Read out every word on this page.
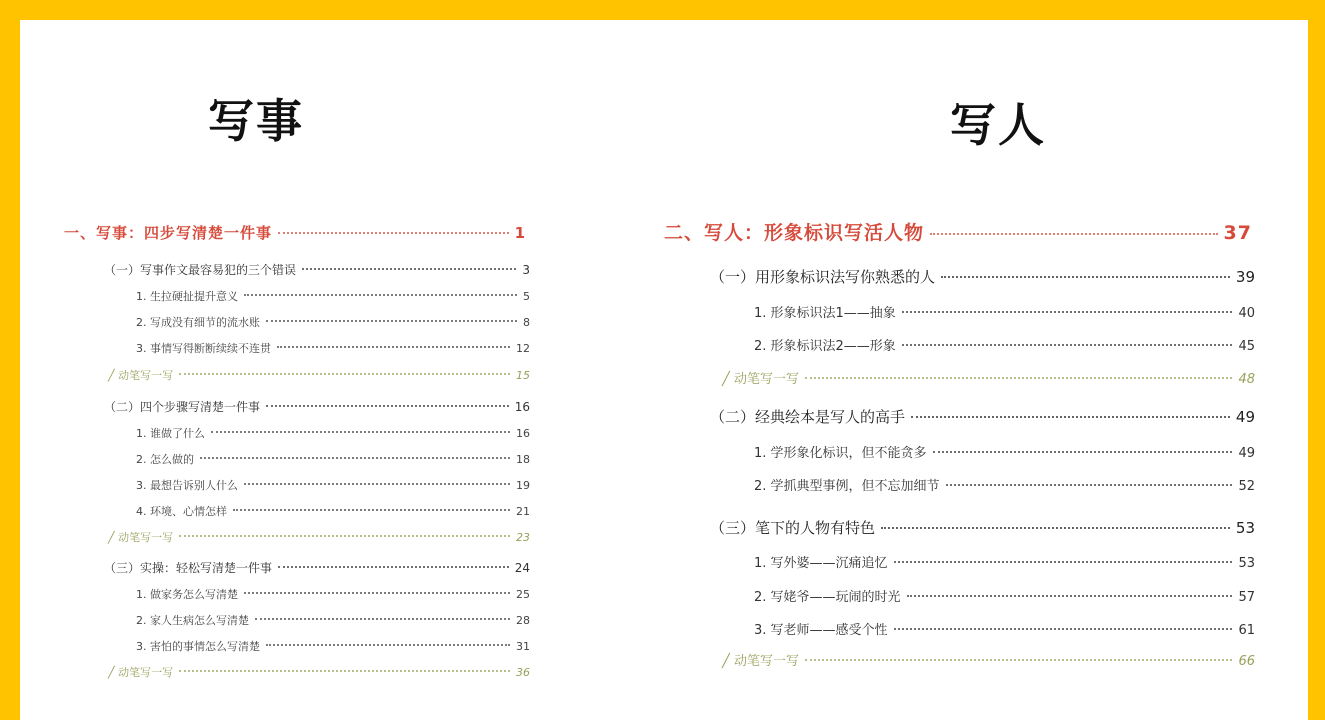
写事
一、写事：四步写清楚一件事	1
（一）写事作文最容易犯的三个错误	3
1. 生拉硬扯提升意义	5
2. 写成没有细节的流水账	8
3. 事情写得断断续续不连贯	12
╱ 动笔写一写	15
（二）四个步骤写清楚一件事	16
1. 谁做了什么	16
2. 怎么做的	18
3. 最想告诉别人什么	19
4. 环境、心情怎样	21
╱ 动笔写一写	23
（三）实操：轻松写清楚一件事	24
1. 做家务怎么写清楚	25
2. 家人生病怎么写清楚	28
3. 害怕的事情怎么写清楚	31
╱ 动笔写一写	36
写人
二、写人：形象标识写活人物	37
（一）用形象标识法写你熟悉的人	39
1. 形象标识法1——抽象	40
2. 形象标识法2——形象	45
╱ 动笔写一写	48
（二）经典绘本是写人的高手	49
1. 学形象化标识，但不能贪多	49
2. 学抓典型事例，但不忘加细节	52
（三）笔下的人物有特色	53
1. 写外婆——沉痛追忆	53
2. 写姥爷——玩闹的时光	57
3. 写老师——感受个性	61
╱ 动笔写一写	66
